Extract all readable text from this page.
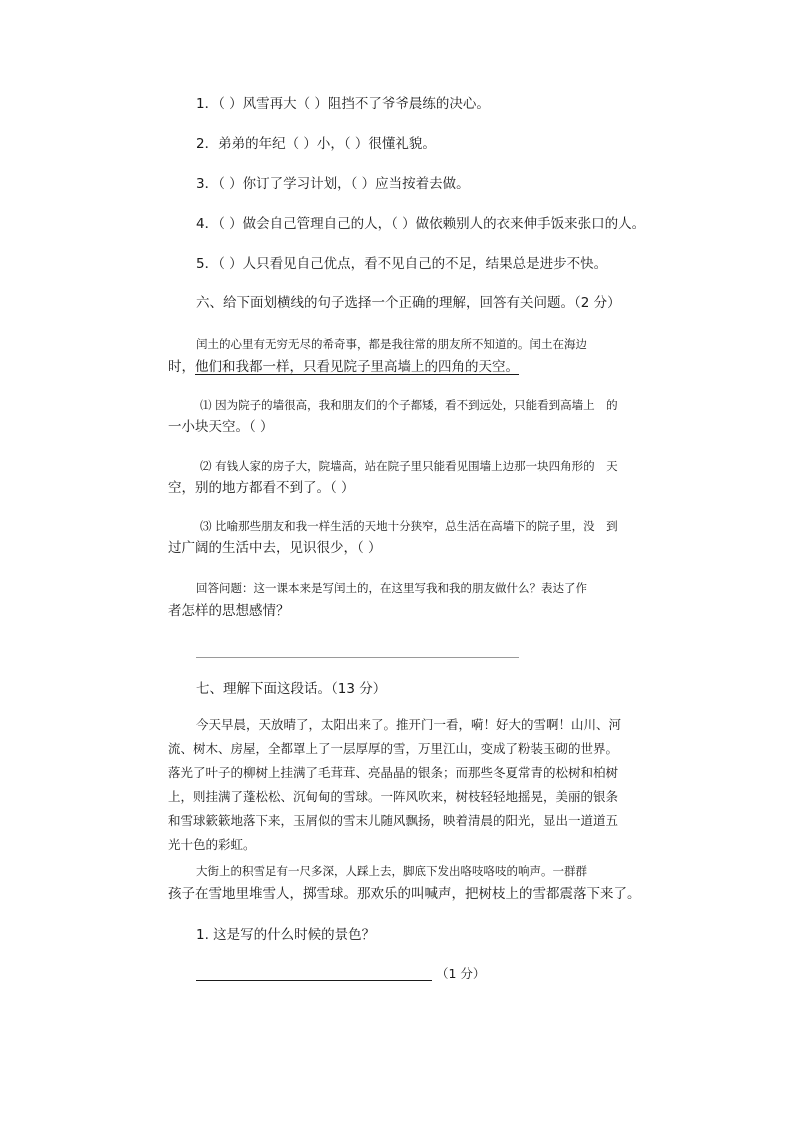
1．（ ）风雪再大（ ）阻挡不了爷爷晨练的决心。

2．弟弟的年纪（ ）小，（ ）很懂礼貌。

3．（ ）你订了学习计划，（ ）应当按着去做。

4．（ ）做会自己管理自己的人，（ ）做依赖别人的衣来伸手饭来张口的人。

5．（ ）人只看见自己优点，看不见自己的不足，结果总是进步不快。

六、给下面划横线的句子选择一个正确的理解，回答有关问题。（2 分）

闰土的心里有无穷无尽的希奇事，都是我往常的朋友所不知道的。闰土在海边

时，他们和我都一样，只看见院子里高墙上的四角的天空。

⑴ 因为院子的墙很高，我和朋友们的个子都矮，看不到远处，只能看到高墙上　的

一小块天空。（ ）

⑵ 有钱人家的房子大，院墙高，站在院子里只能看见围墙上边那一块四角形的　天

空，别的地方都看不到了。（ ）

⑶ 比喻那些朋友和我一样生活的天地十分狭窄，总生活在高墙下的院子里，没　到

过广阔的生活中去，见识很少，（ ）

回答问题：这一课本来是写闰土的，在这里写我和我的朋友做什么？表达了作

者怎样的思想感情？

七、理解下面这段话。（13 分）

今天早晨，天放晴了，太阳出来了。推开门一看，嗬！好大的雪啊！山川、河

流、树木、房屋，全都罩上了一层厚厚的雪，万里江山，变成了粉装玉砌的世界。

落光了叶子的柳树上挂满了毛茸茸、亮晶晶的银条；而那些冬夏常青的松树和柏树

上，则挂满了蓬松松、沉甸甸的雪球。一阵风吹来，树枝轻轻地摇晃，美丽的银条

和雪球簌簌地落下来，玉屑似的雪末儿随风飘扬，映着清晨的阳光，显出一道道五

光十色的彩虹。

大街上的积雪足有一尺多深，人踩上去，脚底下发出咯吱咯吱的响声。一群群

孩子在雪地里堆雪人，掷雪球。那欢乐的叫喊声，把树枝上的雪都震落下来了。

1. 这是写的什么时候的景色？

（1 分）
